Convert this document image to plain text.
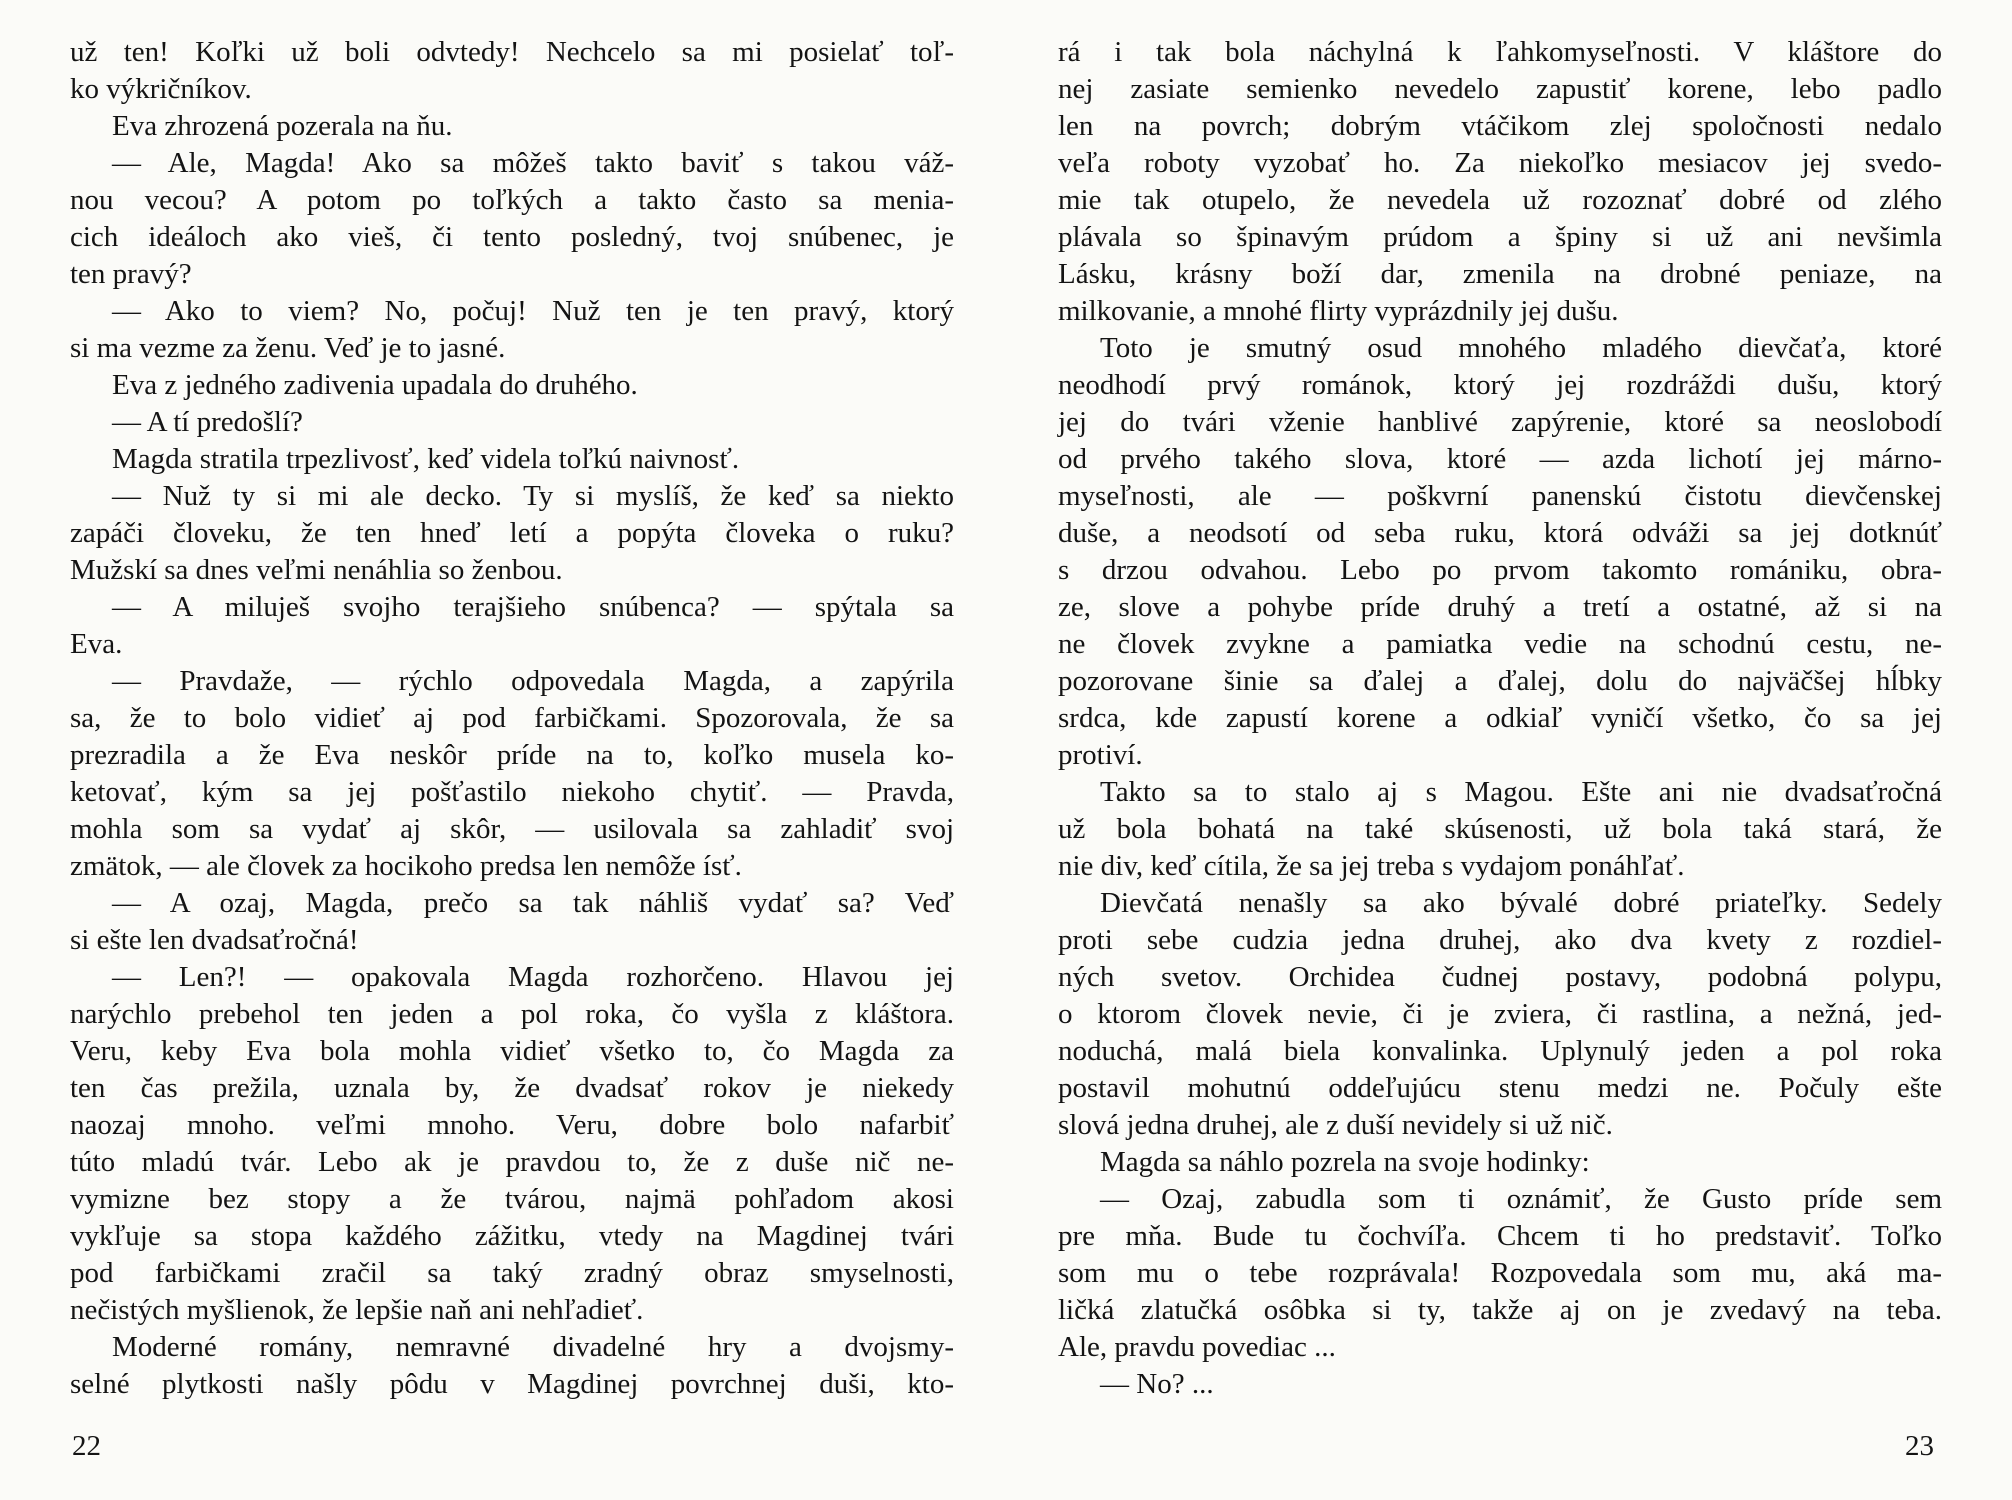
už ten! Koľki už boli odvtedy! Nechcelo sa mi posielať toľ-
ko výkričníkov.
Eva zhrozená pozerala na ňu.
— Ale, Magda! Ako sa môžeš takto baviť s takou váž-
nou vecou? A potom po toľkých a takto často sa menia-
cich ideáloch ako vieš, či tento posledný, tvoj snúbenec, je
ten pravý?
— Ako to viem? No, počuj! Nuž ten je ten pravý, ktorý
si ma vezme za ženu. Veď je to jasné.
Eva z jedného zadivenia upadala do druhého.
— A tí predošlí?
Magda stratila trpezlivosť, keď videla toľkú naivnosť.
— Nuž ty si mi ale decko. Ty si myslíš, že keď sa niekto
zapáči človeku, že ten hneď letí a popýta človeka o ruku?
Mužskí sa dnes veľmi nenáhlia so ženbou.
— A miluješ svojho terajšieho snúbenca? — spýtala sa
Eva.
— Pravdaže, — rýchlo odpovedala Magda, a zapýrila
sa, že to bolo vidieť aj pod farbičkami. Spozorovala, že sa
prezradila a že Eva neskôr príde na to, koľko musela ko-
ketovať, kým sa jej pošťastilo niekoho chytiť. — Pravda,
mohla som sa vydať aj skôr, — usilovala sa zahladiť svoj
zmätok, — ale človek za hocikoho predsa len nemôže ísť.
— A ozaj, Magda, prečo sa tak náhliš vydať sa? Veď
si ešte len dvadsaťročná!
— Len?! — opakovala Magda rozhorčeno. Hlavou jej
narýchlo prebehol ten jeden a pol roka, čo vyšla z kláštora.
Veru, keby Eva bola mohla vidieť všetko to, čo Magda za
ten čas prežila, uznala by, že dvadsať rokov je niekedy
naozaj mnoho. veľmi mnoho. Veru, dobre bolo nafarbiť
túto mladú tvár. Lebo ak je pravdou to, že z duše nič ne-
vymizne bez stopy a že tvárou, najmä pohľadom akosi
vykľuje sa stopa každého zážitku, vtedy na Magdinej tvári
pod farbičkami zračil sa taký zradný obraz smyselnosti,
nečistých myšlienok, že lepšie naň ani nehľadieť.
Moderné romány, nemravné divadelné hry a dvojsmy-
selné plytkosti našly pôdu v Magdinej povrchnej duši, kto-
rá i tak bola náchylná k ľahkomyseľnosti. V kláštore do
nej zasiate semienko nevedelo zapustiť korene, lebo padlo
len na povrch; dobrým vtáčikom zlej spoločnosti nedalo
veľa roboty vyzobať ho. Za niekoľko mesiacov jej svedo-
mie tak otupelo, že nevedela už rozoznať dobré od zlého
plávala so špinavým prúdom a špiny si už ani nevšimla
Lásku, krásny boží dar, zmenila na drobné peniaze, na
milkovanie, a mnohé flirty vyprázdnily jej dušu.
Toto je smutný osud mnohého mladého dievčaťa, ktoré
neodhodí prvý románok, ktorý jej rozdráždi dušu, ktorý
jej do tvári vženie hanblivé zapýrenie, ktoré sa neoslobodí
od prvého takého slova, ktoré — azda lichotí jej márno-
myseľnosti, ale — poškvrní panenskú čistotu dievčenskej
duše, a neodsotí od seba ruku, ktorá odváži sa jej dotknúť
s drzou odvahou. Lebo po prvom takomto romániku, obra-
ze, slove a pohybe príde druhý a tretí a ostatné, až si na
ne človek zvykne a pamiatka vedie na schodnú cestu, ne-
pozorovane šinie sa ďalej a ďalej, dolu do najväčšej hĺbky
srdca, kde zapustí korene a odkiaľ vyničí všetko, čo sa jej
protiví.
Takto sa to stalo aj s Magou. Ešte ani nie dvadsaťročná
už bola bohatá na také skúsenosti, už bola taká stará, že
nie div, keď cítila, že sa jej treba s vydajom ponáhľať.
Dievčatá nenašly sa ako bývalé dobré priateľky. Sedely
proti sebe cudzia jedna druhej, ako dva kvety z rozdiel-
ných svetov. Orchidea čudnej postavy, podobná polypu,
o ktorom človek nevie, či je zviera, či rastlina, a nežná, jed-
noduchá, malá biela konvalinka. Uplynulý jeden a pol roka
postavil mohutnú oddeľujúcu stenu medzi ne. Počuly ešte
slová jedna druhej, ale z duší nevidely si už nič.
Magda sa náhlo pozrela na svoje hodinky:
— Ozaj, zabudla som ti oznámiť, že Gusto príde sem
pre mňa. Bude tu čochvíľa. Chcem ti ho predstaviť. Toľko
som mu o tebe rozprávala! Rozpovedala som mu, aká ma-
ličká zlatučká osôbka si ty, takže aj on je zvedavý na teba.
Ale, pravdu povediac ...
— No? ...
22	23
